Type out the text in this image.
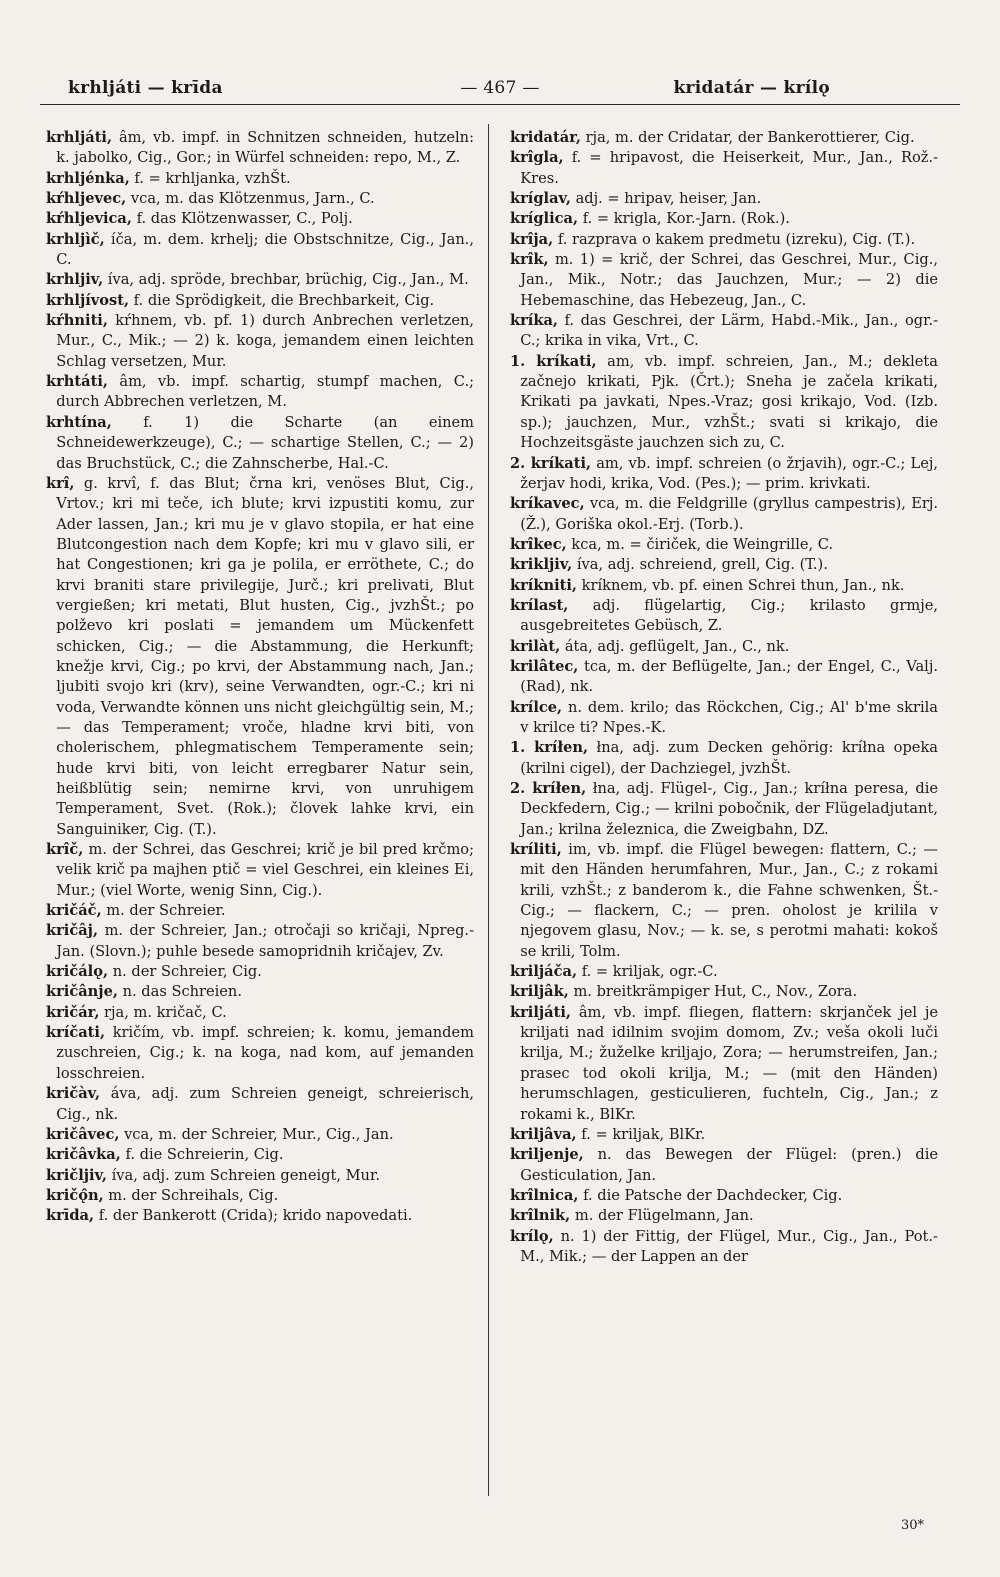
krhljáti — krīda	— 467 —	kridatár — krílǫ

krhljáti, âm, vb. impf. in Schnitzen schneiden, hutzeln: k. jabolko, Cig., Gor.; in Würfel schneiden: repo, M., Z.

krhljénka, f. = krhljanka, vzhŠt.

kŕhljevec, vca, m. das Klötzenmus, Jarn., C.

kŕhljevica, f. das Klötzenwasser, C., Polj.

krhljìč, íča, m. dem. krhelj; die Obstschnitze, Cig., Jan., C.

krhljiv, íva, adj. spröde, brechbar, brüchig, Cig., Jan., M.

krhljívost, f. die Sprödigkeit, die Brechbarkeit, Cig.

kŕhniti, kŕhnem, vb. pf. 1) durch Anbrechen verletzen, Mur., C., Mik.; — 2) k. koga, jemandem einen leichten Schlag versetzen, Mur.

krhtáti, âm, vb. impf. schartig, stumpf machen, C.; durch Abbrechen verletzen, M.

krhtína, f. 1) die Scharte (an einem Schneidewerkzeuge), C.; — schartige Stellen, C.; — 2) das Bruchstück, C.; die Zahnscherbe, Hal.-C.

krî, g. krvî, f. das Blut; črna kri, venöses Blut, Cig., Vrtov.; kri mi teče, ich blute; krvi izpustiti komu, zur Ader lassen, Jan.; kri mu je v glavo stopila, er hat eine Blutcongestion nach dem Kopfe; kri mu v glavo sili, er hat Congestionen; kri ga je polila, er erröthete, C.; do krvi braniti stare privilegije, Jurč.; kri prelivati, Blut vergießen; kri metati, Blut husten, Cig., jvzhŠt.; po polževo kri poslati = jemandem um Mückenfett schicken, Cig.; — die Abstammung, die Herkunft; knežje krvi, Cig.; po krvi, der Abstammung nach, Jan.; ljubiti svojo kri (krv), seine Verwandten, ogr.-C.; kri ni voda, Verwandte können uns nicht gleichgültig sein, M.; — das Temperament; vroče, hladne krvi biti, von cholerischem, phlegmatischem Temperamente sein; hude krvi biti, von leicht erregbarer Natur sein, heißblütig sein; nemirne krvi, von unruhigem Temperament, Svet. (Rok.); človek lahke krvi, ein Sanguiniker, Cig. (T.).

krîč, m. der Schrei, das Geschrei; krič je bil pred krčmo; velik krič pa majhen ptič = viel Geschrei, ein kleines Ei, Mur.; (viel Worte, wenig Sinn, Cig.).

kričáč, m. der Schreier.

kričâj, m. der Schreier, Jan.; otročaji so kričaji, Npreg.-Jan. (Slovn.); puhle besede samopridnih kričajev, Zv.

kričálǫ, n. der Schreier, Cig.

kričânje, n. das Schreien.

kričár, rja, m. kričač, C.

kríčati, kričím, vb. impf. schreien; k. komu, jemandem zuschreien, Cig.; k. na koga, nad kom, auf jemanden losschreien.

kričàv, áva, adj. zum Schreien geneigt, schreierisch, Cig., nk.

kričâvec, vca, m. der Schreier, Mur., Cig., Jan.

kričâvka, f. die Schreierin, Cig.

kričljiv, íva, adj. zum Schreien geneigt, Mur.

kričǫ̂n, m. der Schreihals, Cig.

krīda, f. der Bankerott (Crida); krido napovedati.

kridatár, rja, m. der Cridatar, der Bankerottierer, Cig.

krîgla, f. = hripavost, die Heiserkeit, Mur., Jan., Rož.-Kres.

kríglav, adj. = hripav, heiser, Jan.

kríglica, f. = krigla, Kor.-Jarn. (Rok.).

krîja, f. razprava o kakem predmetu (izreku), Cig. (T.).

krîk, m. 1) = krič, der Schrei, das Geschrei, Mur., Cig., Jan., Mik., Notr.; das Jauchzen, Mur.; — 2) die Hebemaschine, das Hebezeug, Jan., C.

kríka, f. das Geschrei, der Lärm, Habd.-Mik., Jan., ogr.-C.; krika in vika, Vrt., C.

1. kríkati, am, vb. impf. schreien, Jan., M.; dekleta začnejo krikati, Pjk. (Črt.); Sneha je začela krikati, Krikati pa javkati, Npes.-Vraz; gosi krikajo, Vod. (Izb. sp.); jauchzen, Mur., vzhŠt.; svati si krikajo, die Hochzeitsgäste jauchzen sich zu, C.

2. kríkati, am, vb. impf. schreien (o žrjavih), ogr.-C.; Lej, žerjav hodi, krika, Vod. (Pes.); — prim. krivkati.

kríkavec, vca, m. die Feldgrille (gryllus campestris), Erj. (Ž.), Goriška okol.-Erj. (Torb.).

krîkec, kca, m. = čiriček, die Weingrille, C.

krikljiv, íva, adj. schreiend, grell, Cig. (T.).

kríkniti, kríknem, vb. pf. einen Schrei thun, Jan., nk.

krílast, adj. flügelartig, Cig.; krilasto grmje, ausgebreitetes Gebüsch, Z.

krilàt, áta, adj. geflügelt, Jan., C., nk.

krilâtec, tca, m. der Beflügelte, Jan.; der Engel, C., Valj. (Rad), nk.

krílce, n. dem. krilo; das Röckchen, Cig.; Al' b'me skrila v krilce ti? Npes.-K.

1. kríłen, łna, adj. zum Decken gehörig: kríłna opeka (krilni cigel), der Dachziegel, jvzhŠt.

2. kríłen, łna, adj. Flügel-, Cig., Jan.; kríłna peresa, die Deckfedern, Cig.; — krilni pobočnik, der Flügeladjutant, Jan.; krilna železnica, die Zweigbahn, DZ.

kríliti, im, vb. impf. die Flügel bewegen: flattern, C.; — mit den Händen herumfahren, Mur., Jan., C.; z rokami krili, vzhŠt.; z banderom k., die Fahne schwenken, Št.-Cig.; — flackern, C.; — pren. oholost je krilila v njegovem glasu, Nov.; — k. se, s perotmi mahati: kokoš se krili, Tolm.

kriljáča, f. = kriljak, ogr.-C.

kriljâk, m. breitkrämpiger Hut, C., Nov., Zora.

kriljáti, âm, vb. impf. fliegen, flattern: skrjanček jel je kriljati nad idilnim svojim domom, Zv.; veša okoli luči krilja, M.; žuželke kriljajo, Zora; — herumstreifen, Jan.; prasec tod okoli krilja, M.; — (mit den Händen) herumschlagen, gesticulieren, fuchteln, Cig., Jan.; z rokami k., BlKr.

kriljâva, f. = kriljak, BlKr.

kriljenje, n. das Bewegen der Flügel: (pren.) die Gesticulation, Jan.

krîlnica, f. die Patsche der Dachdecker, Cig.

krîlnik, m. der Flügelmann, Jan.

krílǫ, n. 1) der Fittig, der Flügel, Mur., Cig., Jan., Pot.-M., Mik.; — der Lappen an der

30*
